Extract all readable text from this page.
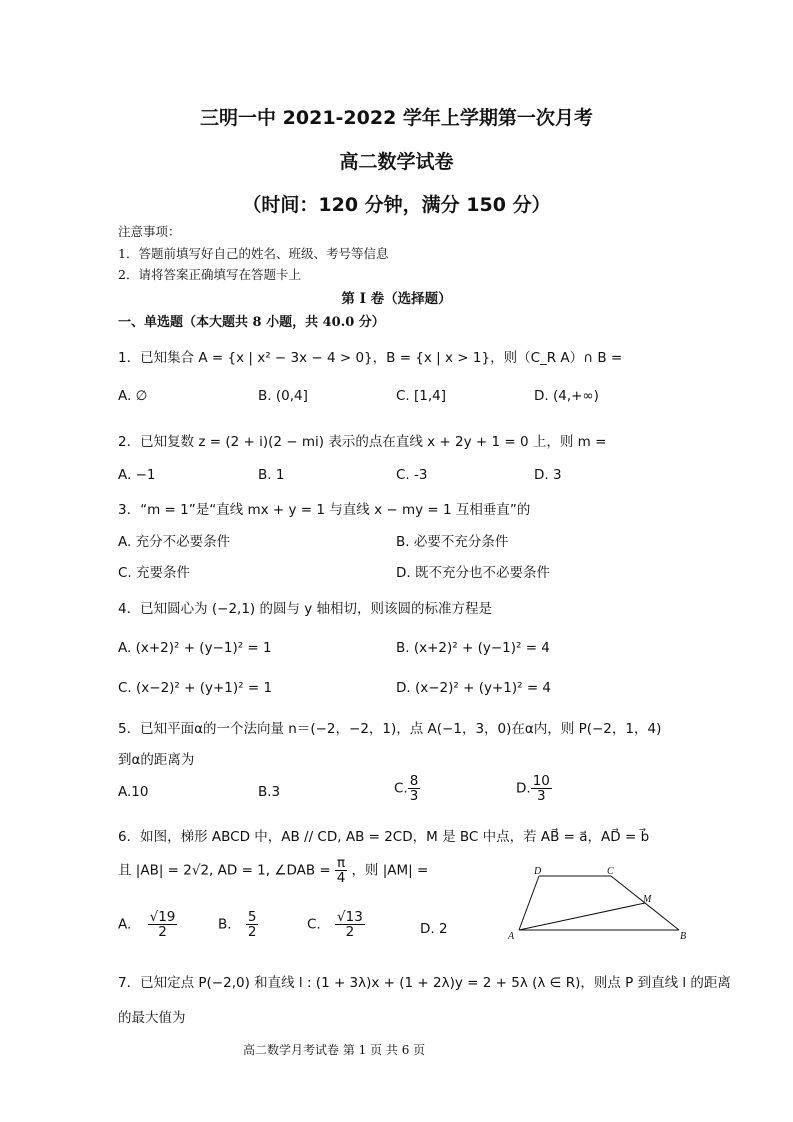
三明一中 2021-2022 学年上学期第一次月考
高二数学试卷
（时间：120 分钟，满分 150 分）
注意事项：
1．答题前填写好自己的姓名、班级、考号等信息
2．请将答案正确填写在答题卡上
第 I 卷（选择题）
一、单选题（本大题共 8 小题，共 40.0 分）
1．已知集合 A = {x | x² − 3x − 4 > 0}，B = {x | x > 1}，则（C_R A）∩ B =
A. ∅	B. (0,4]	C. [1,4]	D. (4,+∞)
2．已知复数 z = (2 + i)(2 − mi) 表示的点在直线 x + 2y + 1 = 0 上，则 m =
A. −1	B. 1	C. -3	D. 3
3．“m = 1”是“直线 mx + y = 1 与直线 x − my = 1 互相垂直”的
A. 充分不必要条件	B. 必要不充分条件
C. 充要条件	D. 既不充分也不必要条件
4．已知圆心为 (−2,1) 的圆与 y 轴相切，则该圆的标准方程是
A. (x+2)² + (y−1)² = 1	B. (x+2)² + (y−1)² = 4
C. (x−2)² + (y+1)² = 1	D. (x−2)² + (y+1)² = 4
5．已知平面α的一个法向量 n＝(−2，−2，1)，点 A(−1，3，0)在α内，则 P(−2，1，4)
到α的距离为
A.10	B.3	C. $\frac{8}{3}$	D. $\frac{10}{3}$
6．如图，梯形 ABCD 中，AB // CD, AB = 2CD，M 是 BC 中点，若 AB⃗ = a⃗，AD⃗ = b⃗
且 |AB| = 2√2, AD = 1, ∠DAB = $\frac{\pi}{4}$ ，则 |AM| =
A. $\frac{√19}{2}$	B. $\frac{5}{2}$	C. $\frac{√13}{2}$	D. 2	A	B
C
D
M
7．已知定点 P(−2,0) 和直线 l : (1 + 3λ)x + (1 + 2λ)y = 2 + 5λ (λ ∈ R)，则点 P 到直线 l 的距离
的最大值为
高二数学月考试卷 第 1 页 共 6 页
